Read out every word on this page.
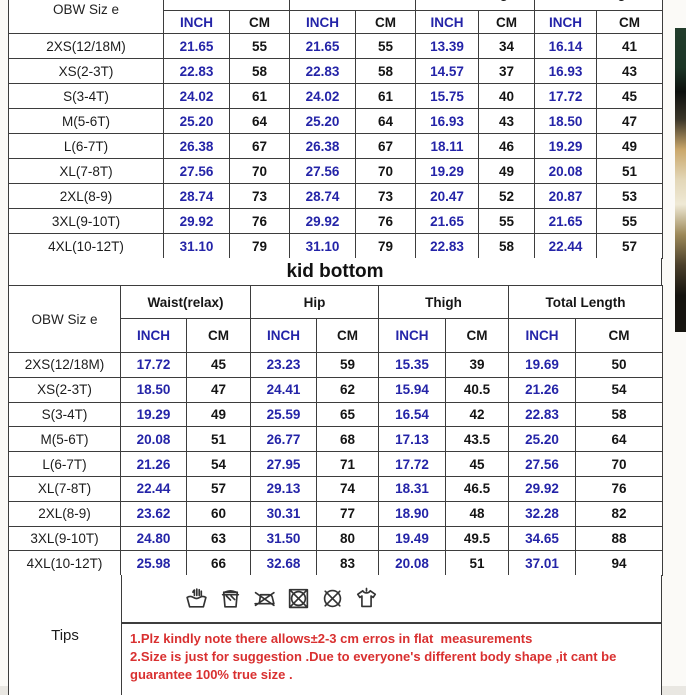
OBW Siz e				
	INCH	CM	INCH	CM	INCH	CM	INCH	CM
2XS(12/18M)	21.65	55	21.65	55	13.39	34	16.14	41
XS(2-3T)	22.83	58	22.83	58	14.57	37	16.93	43
S(3-4T)	24.02	61	24.02	61	15.75	40	17.72	45
M(5-6T)	25.20	64	25.20	64	16.93	43	18.50	47
L(6-7T)	26.38	67	26.38	67	18.11	46	19.29	49
XL(7-8T)	27.56	70	27.56	70	19.29	49	20.08	51
2XL(8-9)	28.74	73	28.74	73	20.47	52	20.87	53
3XL(9-10T)	29.92	76	29.92	76	21.65	55	21.65	55
4XL(10-12T)	31.10	79	31.10	79	22.83	58	22.44	57
kid bottom
OBW Siz e	Waist(relax)		Hip		Thigh		Total Length	
	INCH	CM	INCH	CM	INCH	CM	INCH	CM
2XS(12/18M)	17.72	45	23.23	59	15.35	39	19.69	50
XS(2-3T)	18.50	47	24.41	62	15.94	40.5	21.26	54
S(3-4T)	19.29	49	25.59	65	16.54	42	22.83	58
M(5-6T)	20.08	51	26.77	68	17.13	43.5	25.20	64
L(6-7T)	21.26	54	27.95	71	17.72	45	27.56	70
XL(7-8T)	22.44	57	29.13	74	18.31	46.5	29.92	76
2XL(8-9)	23.62	60	30.31	77	18.90	48	32.28	82
3XL(9-10T)	24.80	63	31.50	80	19.49	49.5	34.65	88
4XL(10-12T)	25.98	66	32.68	83	20.08	51	37.01	94
Tips	1.Plz kindly note there allows±2-3 cm erros in flat  measurements
2.Size is just for suggestion .Due to everyone's different body shape ,it cant be
guarantee 100% true size .
